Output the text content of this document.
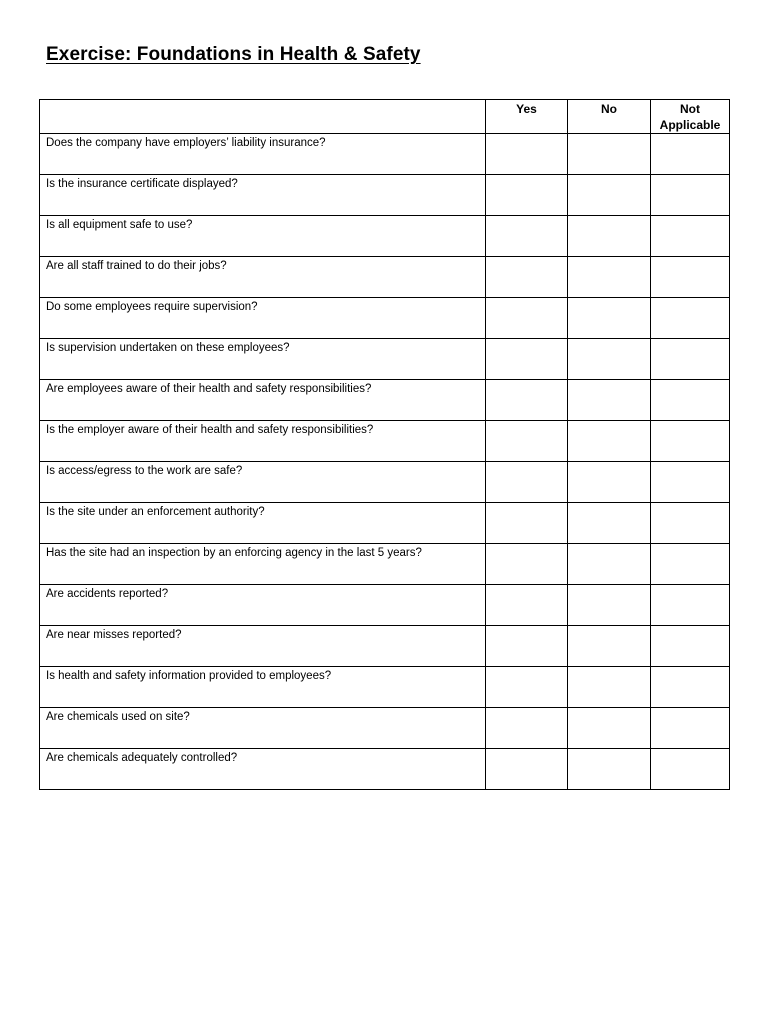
Exercise: Foundations in Health & Safety

	Yes	No	Not
Applicable

Does the company have employers’ liability insurance?			

Is the insurance certificate displayed?			

Is all equipment safe to use?			

Are all staff trained to do their jobs?			

Do some employees require supervision?			

Is supervision undertaken on these employees?			

Are employees aware of their health and safety responsibilities?			

Is the employer aware of their health and safety responsibilities?			

Is access/egress to the work are safe?			

Is the site under an enforcement authority?			

Has the site had an inspection by an enforcing agency in the last 5 years?			

Are accidents reported?			

Are near misses reported?			

Is health and safety information provided to employees?			

Are chemicals used on site?			

Are chemicals adequately controlled?			
